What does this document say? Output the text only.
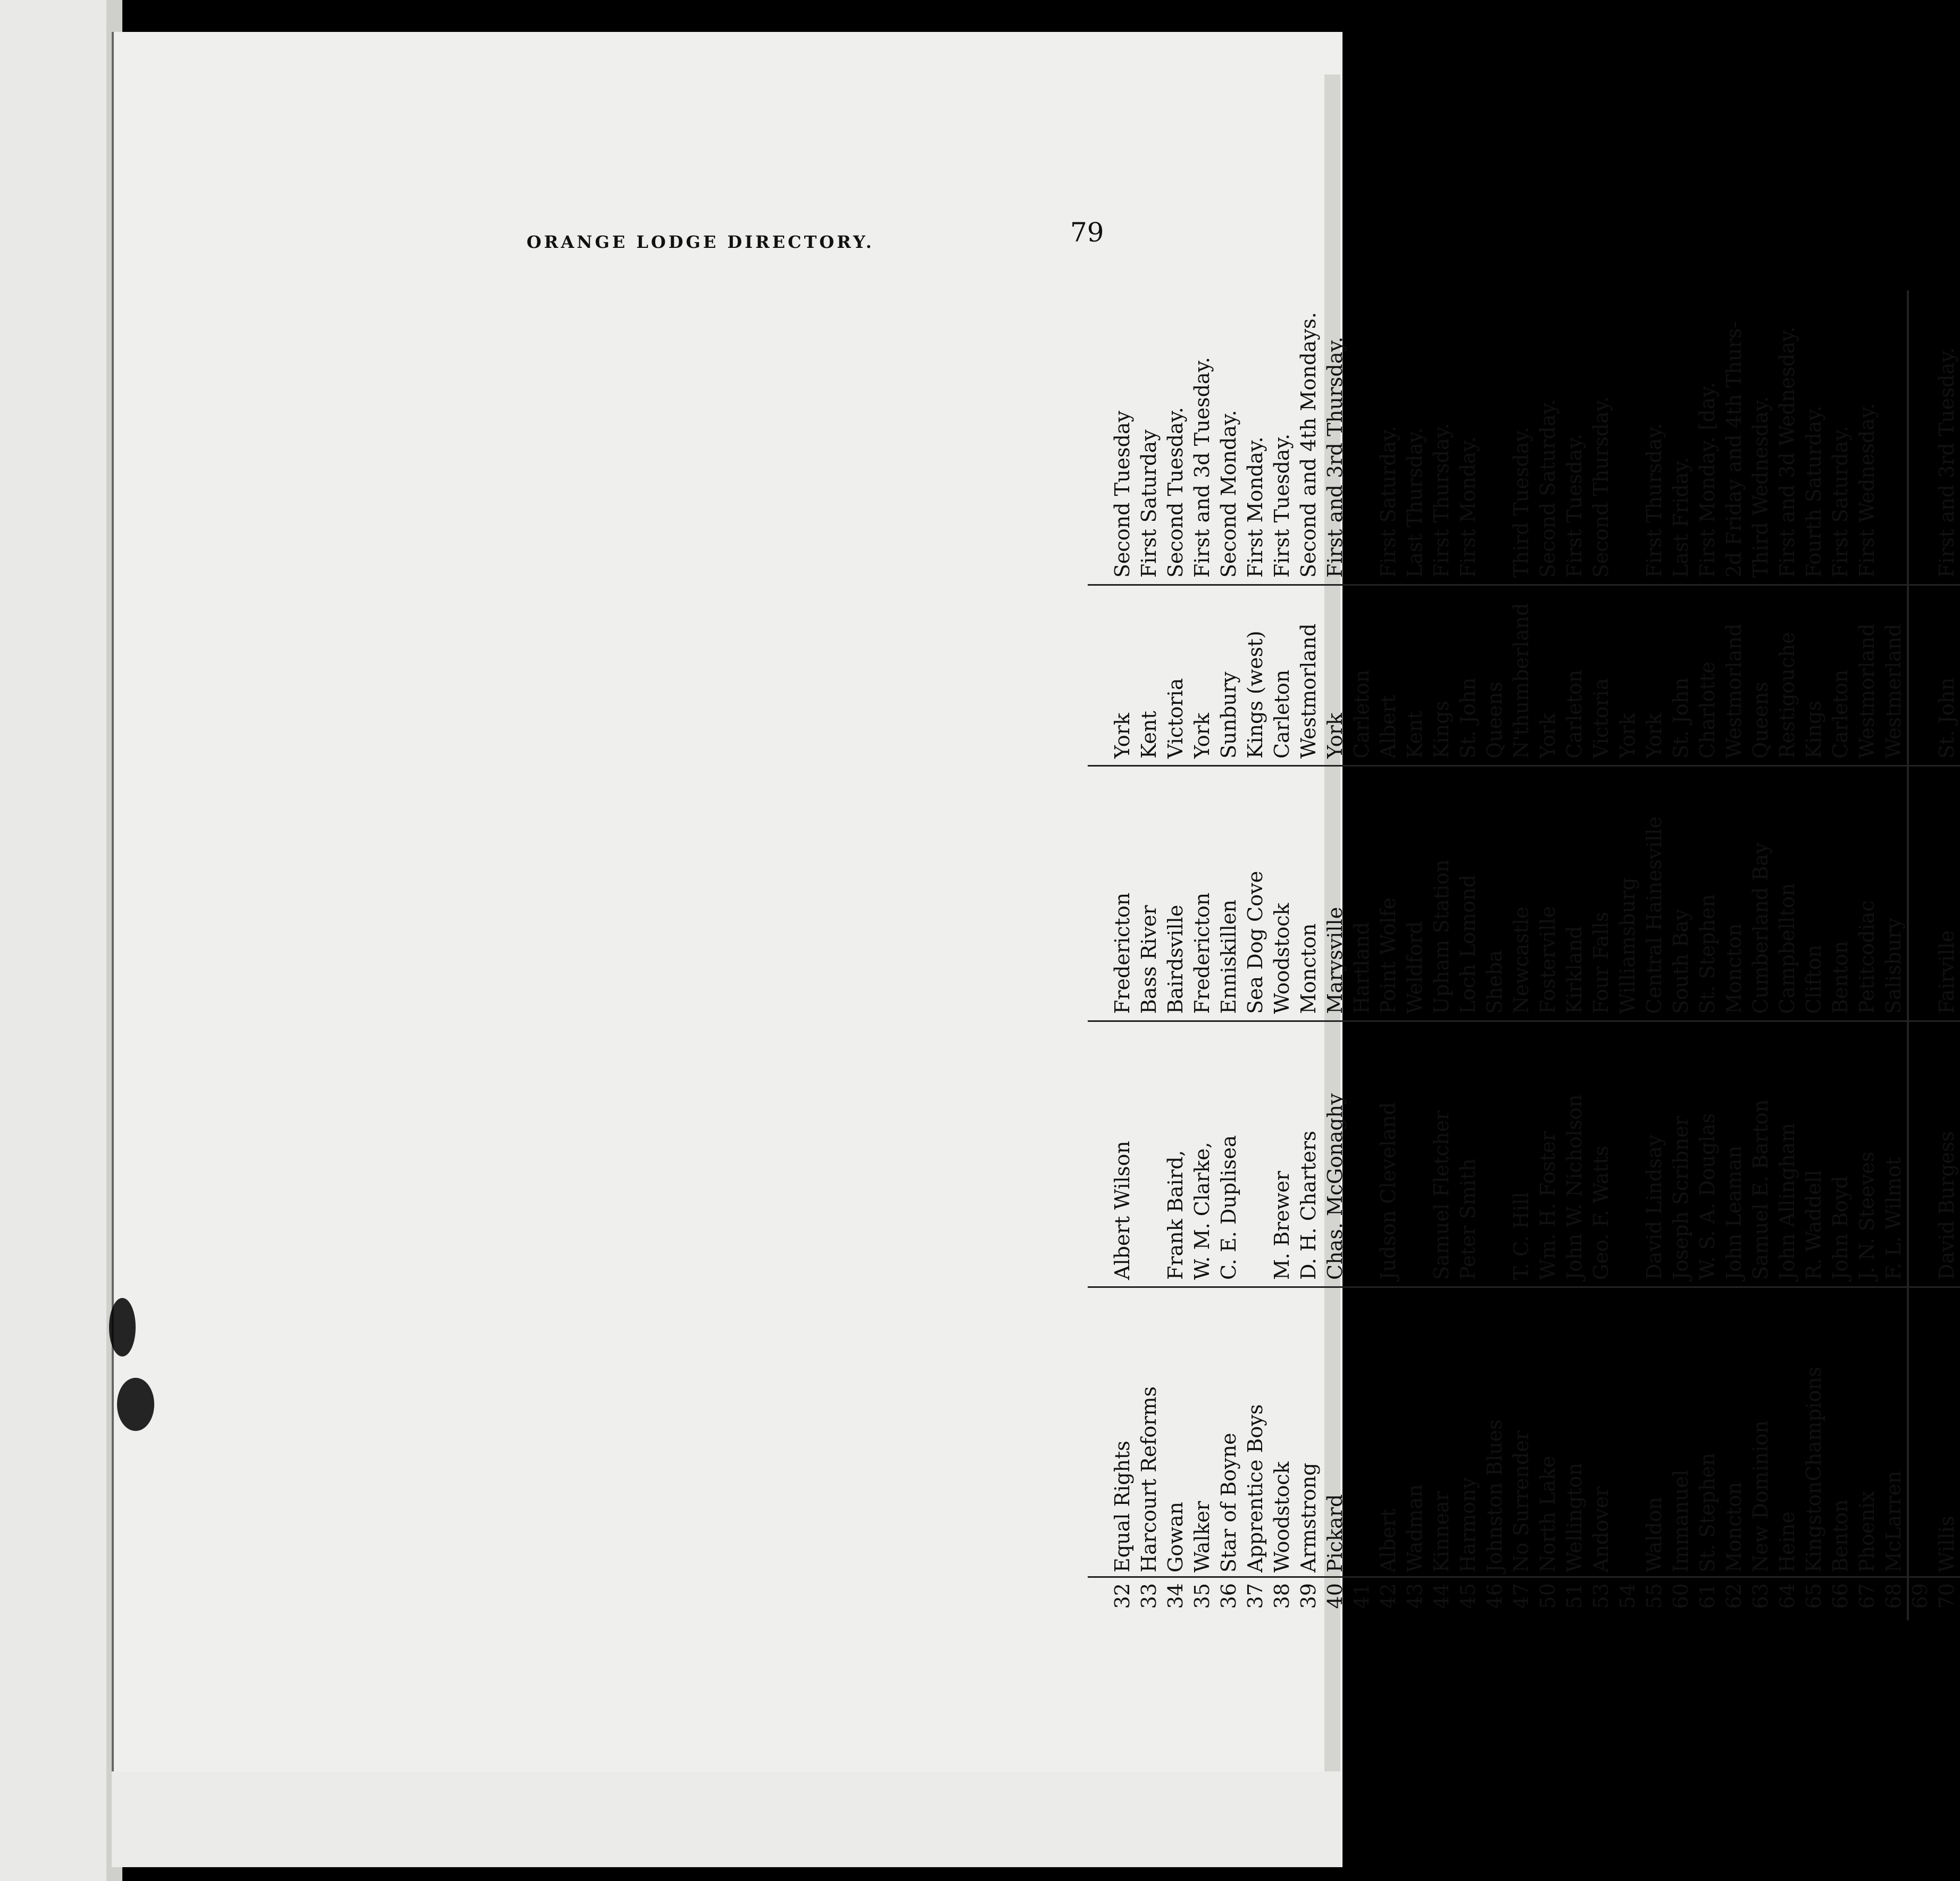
ORANGE LODGE DIRECTORY.	79
32
Equal Rights
Albert Wilson
Fredericton
York
Second Tuesday
33
Harcourt Reforms
Bass River
Kent
First Saturday
34
Gowan
Frank Baird,
Bairdsville
Victoria
Second Tuesday.
35
Walker
W. M. Clarke,
Fredericton
York
First and 3d Tuesday.
36
Star of Boyne
C. E. Duplisea
Enniskillen
Sunbury
Second Monday.
37
Apprentice Boys
Sea Dog Cove
Kings (west)
First Monday.
38
Woodstock
M. Brewer
Woodstock
Carleton
First Tuesday.
39
Armstrong
D. H. Charters
Moncton
Westmorland
Second and 4th Mondays.
40
Pickard
Chas. McGonaghy
Marysville
York
First and 3rd Thursday.
41
Hartland
Carleton
42
Albert
Judson Cleveland
Point Wolfe
Albert
First Saturday.
43
Wadman
Weldford
Kent
Last Thursday.
44
Kinnear
Samuel Fletcher
Upham Station
Kings
First Thursday.
45
Harmony
Peter Smith
Loch Lomond
St. John
First Monday.
46
Johnston Blues
Sheba
Queens
47
No Surrender
T. C. Hill
Newcastle
N'thumberland
Third Tuesday.
50
North Lake
Wm. H. Foster
Fosterville
York
Second Saturday.
51
Wellington
John W. Nicholson
Kirkland
Carleton
First Tuesday.
53
Andover
Geo. F. Watts
Four Falls
Victoria
Second Thursday.
54
Williamsburg
York
55
Waldon
David Lindsay
Central Hainesville
York
First Thursday.
60
Immanuel
Joseph Scribner
South Bay
St. John
Last Friday.
61
St. Stephen
W. S. A. Douglas
St. Stephen
Charlotte
First Monday. [day.
62
Moncton
John Leaman
Moncton
Westmorland
2d Friday and 4th Thurs-
63
New Dominion
Samuel E. Barton
Cumberland Bay
Queens
Third Wednesday.
64
Heine
John Allingham
Campbellton
Restigouche
First and 3d Wednesday.
65
KingstonChampions
R. Waddell
Clifton
Kings
Fourth Saturday.
66
Benton
John Boyd
Benton
Carleton
First Saturday.
67
Phoenix
J. N. Steeves
Petitcodiac
Westmorland
First Wednesday.
68
McLarren
F. L. Wilmot
Salisbury
Westmerland
69 70
Willis
David Burgess
Fairville
St. John
First and 3rd Tuesday.
